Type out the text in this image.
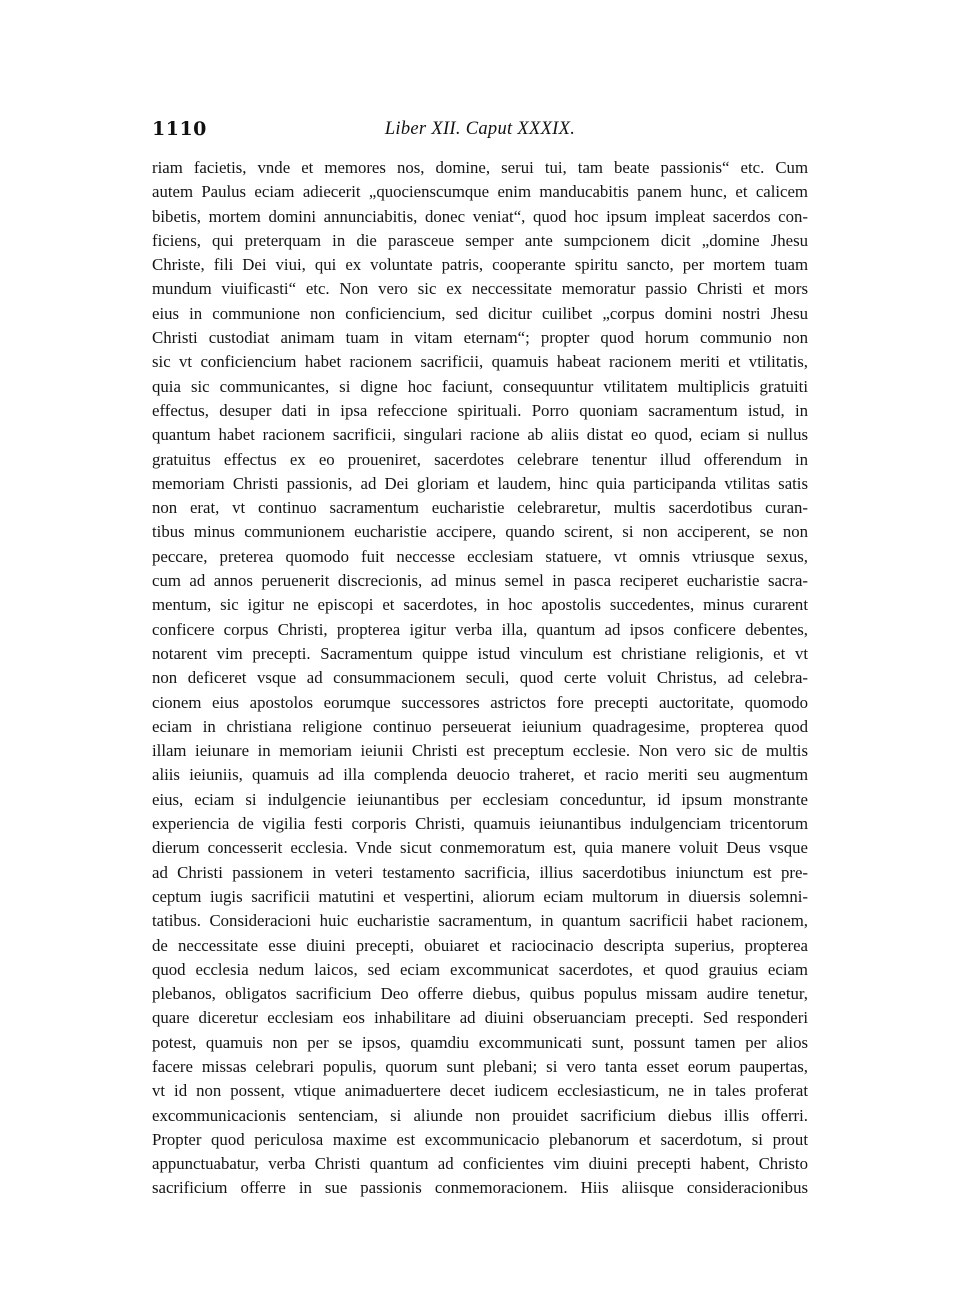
1110	Liber XII. Caput XXXIX.
riam facietis, vnde et memores nos, domine, serui tui, tam beate passionis“ etc. Cum
autem Paulus eciam adiecerit „quocienscumque enim manducabitis panem hunc, et calicem
bibetis, mortem domini annunciabitis, donec veniat“, quod hoc ipsum impleat sacerdos con-
ficiens, qui preterquam in die parasceue semper ante sumpcionem dicit „domine Jhesu
Christe, fili Dei viui, qui ex voluntate patris, cooperante spiritu sancto, per mortem tuam
mundum viuificasti“ etc. Non vero sic ex neccessitate memoratur passio Christi et mors
eius in communione non conficiencium, sed dicitur cuilibet „corpus domini nostri Jhesu
Christi custodiat animam tuam in vitam eternam“; propter quod horum communio non
sic vt conficiencium habet racionem sacrificii, quamuis habeat racionem meriti et vtilitatis,
quia sic communicantes, si digne hoc faciunt, consequuntur vtilitatem multiplicis gratuiti
effectus, desuper dati in ipsa refeccione spirituali. Porro quoniam sacramentum istud, in
quantum habet racionem sacrificii, singulari racione ab aliis distat eo quod, eciam si nullus
gratuitus effectus ex eo proueniret, sacerdotes celebrare tenentur illud offerendum in
memoriam Christi passionis, ad Dei gloriam et laudem, hinc quia participanda vtilitas satis
non erat, vt continuo sacramentum eucharistie celebraretur, multis sacerdotibus curan-
tibus minus communionem eucharistie accipere, quando scirent, si non acciperent, se non
peccare, preterea quomodo fuit neccesse ecclesiam statuere, vt omnis vtriusque sexus,
cum ad annos peruenerit discrecionis, ad minus semel in pasca reciperet eucharistie sacra-
mentum, sic igitur ne episcopi et sacerdotes, in hoc apostolis succedentes, minus curarent
conficere corpus Christi, propterea igitur verba illa, quantum ad ipsos conficere debentes,
notarent vim precepti. Sacramentum quippe istud vinculum est christiane religionis, et vt
non deficeret vsque ad consummacionem seculi, quod certe voluit Christus, ad celebra-
cionem eius apostolos eorumque successores astrictos fore precepti auctoritate, quomodo
eciam in christiana religione continuo perseuerat ieiunium quadragesime, propterea quod
illam ieiunare in memoriam ieiunii Christi est preceptum ecclesie. Non vero sic de multis
aliis ieiuniis, quamuis ad illa complenda deuocio traheret, et racio meriti seu augmentum
eius, eciam si indulgencie ieiunantibus per ecclesiam conceduntur, id ipsum monstrante
experiencia de vigilia festi corporis Christi, quamuis ieiunantibus indulgenciam tricentorum
dierum concesserit ecclesia. Vnde sicut conmemoratum est, quia manere voluit Deus vsque
ad Christi passionem in veteri testamento sacrificia, illius sacerdotibus iniunctum est pre-
ceptum iugis sacrificii matutini et vespertini, aliorum eciam multorum in diuersis solemni-
tatibus. Consideracioni huic eucharistie sacramentum, in quantum sacrificii habet racionem,
de neccessitate esse diuini precepti, obuiaret et raciocinacio descripta superius, propterea
quod ecclesia nedum laicos, sed eciam excommunicat sacerdotes, et quod grauius eciam
plebanos, obligatos sacrificium Deo offerre diebus, quibus populus missam audire tenetur,
quare diceretur ecclesiam eos inhabilitare ad diuini obseruanciam precepti. Sed responderi
potest, quamuis non per se ipsos, quamdiu excommunicati sunt, possunt tamen per alios
facere missas celebrari populis, quorum sunt plebani; si vero tanta esset eorum paupertas,
vt id non possent, vtique animaduertere decet iudicem ecclesiasticum, ne in tales proferat
excommunicacionis sentenciam, si aliunde non prouidet sacrificium diebus illis offerri.
Propter quod periculosa maxime est excommunicacio plebanorum et sacerdotum, si prout
appunctuabatur, verba Christi quantum ad conficientes vim diuini precepti habent, Christo
sacrificium offerre in sue passionis conmemoracionem. Hiis aliisque consideracionibus
